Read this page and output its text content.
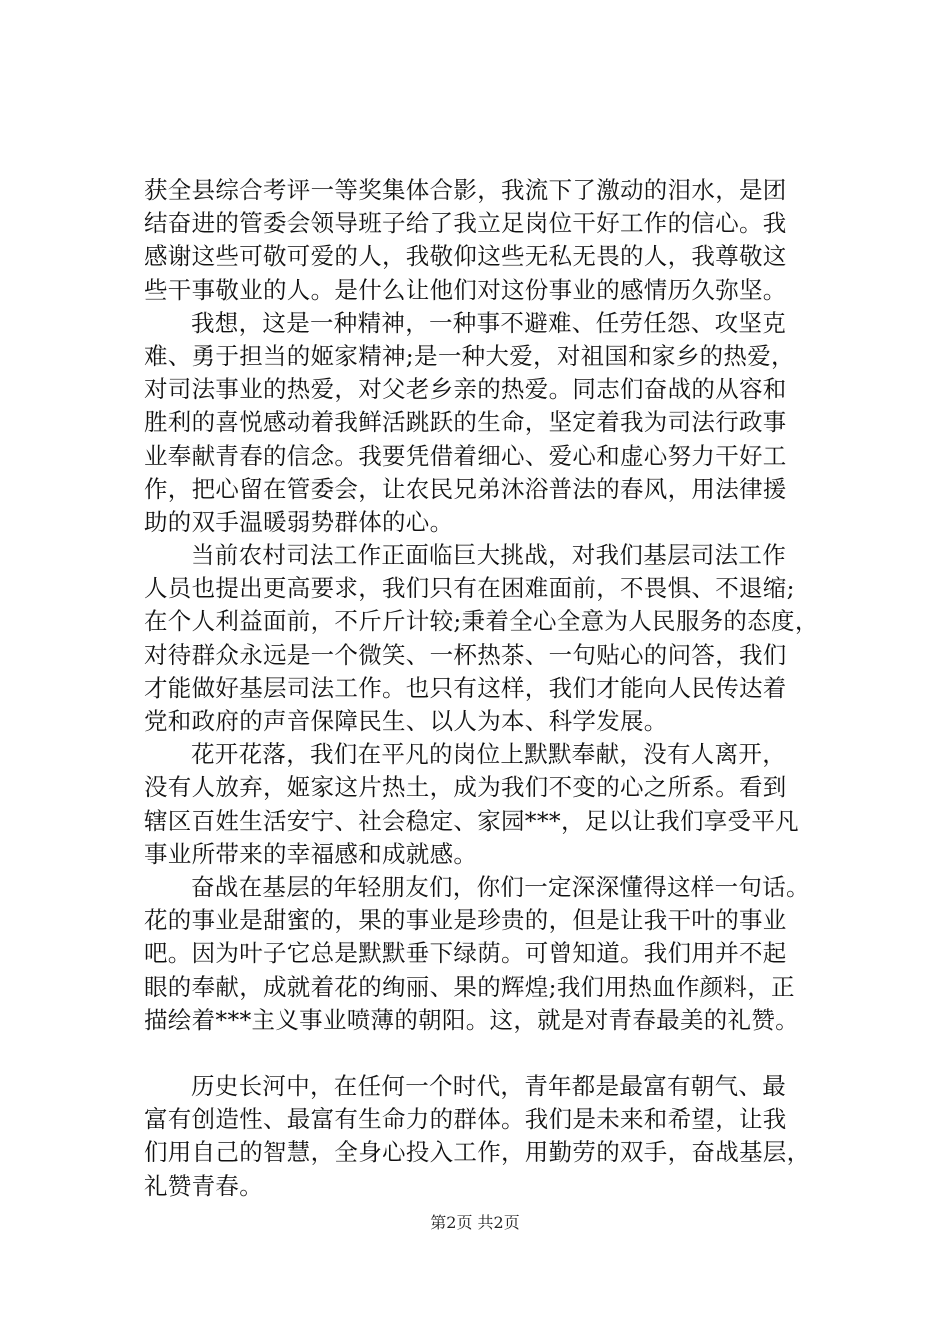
获全县综合考评一等奖集体合影，我流下了激动的泪水，是团
结奋进的管委会领导班子给了我立足岗位干好工作的信心。我
感谢这些可敬可爱的人，我敬仰这些无私无畏的人，我尊敬这
些干事敬业的人。是什么让他们对这份事业的感情历久弥坚。
我想，这是一种精神，一种事不避难、任劳任怨、攻坚克
难、勇于担当的姬家精神;是一种大爱，对祖国和家乡的热爱，
对司法事业的热爱，对父老乡亲的热爱。同志们奋战的从容和
胜利的喜悦感动着我鲜活跳跃的生命，坚定着我为司法行政事
业奉献青春的信念。我要凭借着细心、爱心和虚心努力干好工
作，把心留在管委会，让农民兄弟沐浴普法的春风，用法律援
助的双手温暖弱势群体的心。
当前农村司法工作正面临巨大挑战，对我们基层司法工作
人员也提出更高要求，我们只有在困难面前，不畏惧、不退缩;
在个人利益面前，不斤斤计较;秉着全心全意为人民服务的态度，
对待群众永远是一个微笑、一杯热茶、一句贴心的问答，我们
才能做好基层司法工作。也只有这样，我们才能向人民传达着
党和政府的声音保障民生、以人为本、科学发展。
花开花落，我们在平凡的岗位上默默奉献，没有人离开，
没有人放弃，姬家这片热土，成为我们不变的心之所系。看到
辖区百姓生活安宁、社会稳定、家园***，足以让我们享受平凡
事业所带来的幸福感和成就感。
奋战在基层的年轻朋友们，你们一定深深懂得这样一句话。
花的事业是甜蜜的，果的事业是珍贵的，但是让我干叶的事业
吧。因为叶子它总是默默垂下绿荫。可曾知道。我们用并不起
眼的奉献，成就着花的绚丽、果的辉煌;我们用热血作颜料，正
描绘着***主义事业喷薄的朝阳。这，就是对青春最美的礼赞。
历史长河中，在任何一个时代，青年都是最富有朝气、最
富有创造性、最富有生命力的群体。我们是未来和希望，让我
们用自己的智慧，全身心投入工作，用勤劳的双手，奋战基层，
礼赞青春。
第2页 共2页
